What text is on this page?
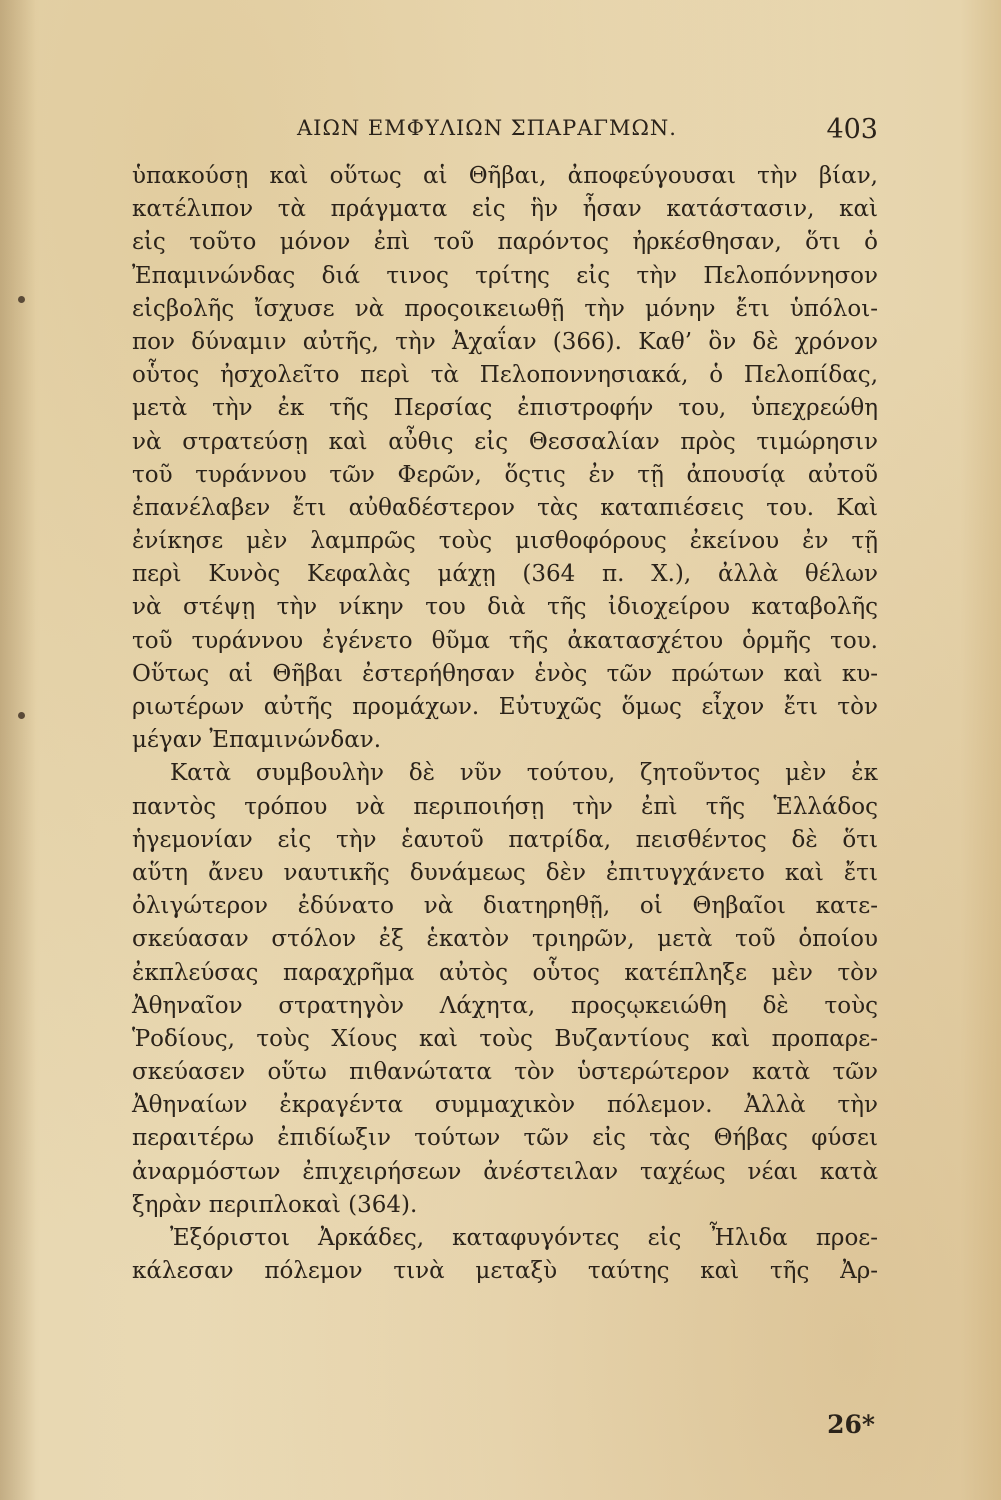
ΑΙΩΝ ΕΜΦΥΛΙΩΝ ΣΠΑΡΑΓΜΩΝ.	403
ὑπακούσῃ καὶ οὕτως αἱ Θῆβαι, ἀποφεύγουσαι τὴν βίαν,
κατέλιπον τὰ πράγματα εἰς ἣν ἦσαν κατάστασιν, καὶ
εἰς τοῦτο μόνον ἐπὶ τοῦ παρόντος ἠρκέσθησαν, ὅτι ὁ
Ἐπαμινώνδας διά τινος τρίτης εἰς τὴν Πελοπόννησον
εἰςβολῆς ἴσχυσε νὰ προςοικειωθῇ τὴν μόνην ἔτι ὑπόλοι-
πον δύναμιν αὐτῆς, τὴν Ἀχαΐαν (366). Καθ’ ὃν δὲ χρόνον
οὗτος ἠσχολεῖτο περὶ τὰ Πελοποννησιακά, ὁ Πελοπίδας,
μετὰ τὴν ἐκ τῆς Περσίας ἐπιστροφήν του, ὑπεχρεώθη
νὰ στρατεύσῃ καὶ αὖθις εἰς Θεσσαλίαν πρὸς τιμώρησιν
τοῦ τυράννου τῶν Φερῶν, ὅςτις ἐν τῇ ἀπουσίᾳ αὐτοῦ
ἐπανέλαβεν ἔτι αὐθαδέστερον τὰς καταπιέσεις του. Καὶ
ἐνίκησε μὲν λαμπρῶς τοὺς μισθοφόρους ἐκείνου ἐν τῇ
περὶ Κυνὸς Κεφαλὰς μάχῃ (364 π. Χ.), ἀλλὰ θέλων
νὰ στέψῃ τὴν νίκην του διὰ τῆς ἰδιοχείρου καταβολῆς
τοῦ τυράννου ἐγένετο θῦμα τῆς ἀκατασχέτου ὁρμῆς του.
Οὕτως αἱ Θῆβαι ἐστερήθησαν ἑνὸς τῶν πρώτων καὶ κυ-
ριωτέρων αὐτῆς προμάχων. Εὐτυχῶς ὅμως εἶχον ἔτι τὸν
μέγαν Ἐπαμινώνδαν.
Κατὰ συμβουλὴν δὲ νῦν τούτου, ζητοῦντος μὲν ἐκ
παντὸς τρόπου νὰ περιποιήσῃ τὴν ἐπὶ τῆς Ἑλλάδος
ἡγεμονίαν εἰς τὴν ἑαυτοῦ πατρίδα, πεισθέντος δὲ ὅτι
αὕτη ἄνευ ναυτικῆς δυνάμεως δὲν ἐπιτυγχάνετο καὶ ἔτι
ὀλιγώτερον ἐδύνατο νὰ διατηρηθῇ, οἱ Θηβαῖοι κατε-
σκεύασαν στόλον ἐξ ἑκατὸν τριηρῶν, μετὰ τοῦ ὁποίου
ἐκπλεύσας παραχρῆμα αὐτὸς οὗτος κατέπληξε μὲν τὸν
Ἀθηναῖον στρατηγὸν Λάχητα, προςῳκειώθη δὲ τοὺς
Ῥοδίους, τοὺς Χίους καὶ τοὺς Βυζαντίους καὶ προπαρε-
σκεύασεν οὕτω πιθανώτατα τὸν ὑστερώτερον κατὰ τῶν
Ἀθηναίων ἐκραγέντα συμμαχικὸν πόλεμον. Ἀλλὰ τὴν
περαιτέρω ἐπιδίωξιν τούτων τῶν εἰς τὰς Θήβας φύσει
ἀναρμόστων ἐπιχειρήσεων ἀνέστειλαν ταχέως νέαι κατὰ
ξηρὰν περιπλοκαὶ (364).
Ἐξόριστοι Ἀρκάδες, καταφυγόντες εἰς Ἦλιδα προε-
κάλεσαν πόλεμον τινὰ μεταξὺ ταύτης καὶ τῆς Ἀρ-
26*
